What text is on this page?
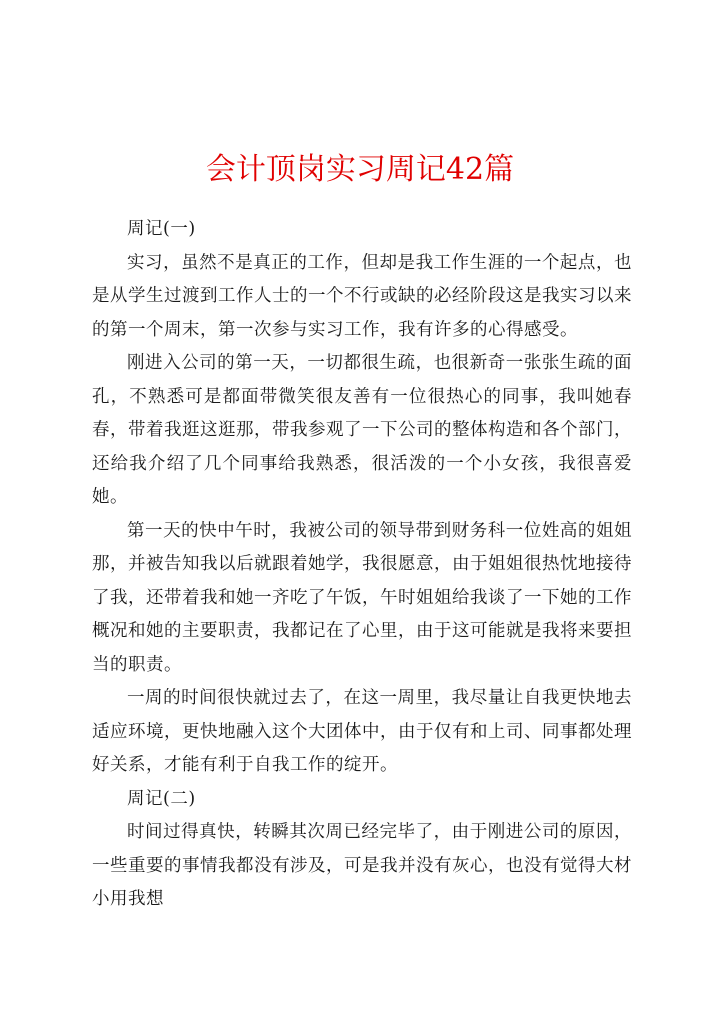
会计顶岗实习周记42篇

周记(一)

实习，虽然不是真正的工作，但却是我工作生涯的一个起点，也是从学生过渡到工作人士的一个不行或缺的必经阶段这是我实习以来的第一个周末，第一次参与实习工作，我有许多的心得感受。

刚进入公司的第一天，一切都很生疏，也很新奇一张张生疏的面孔，不熟悉可是都面带微笑很友善有一位很热心的同事，我叫她春春，带着我逛这逛那，带我参观了一下公司的整体构造和各个部门，还给我介绍了几个同事给我熟悉，很活泼的一个小女孩，我很喜爱她。

第一天的快中午时，我被公司的领导带到财务科一位姓高的姐姐那，并被告知我以后就跟着她学，我很愿意，由于姐姐很热忱地接待了我，还带着我和她一齐吃了午饭，午时姐姐给我谈了一下她的工作概况和她的主要职责，我都记在了心里，由于这可能就是我将来要担当的职责。

一周的时间很快就过去了，在这一周里，我尽量让自我更快地去适应环境，更快地融入这个大团体中，由于仅有和上司、同事都处理好关系，才能有利于自我工作的绽开。

周记(二)

时间过得真快，转瞬其次周已经完毕了，由于刚进公司的原因，一些重要的事情我都没有涉及，可是我并没有灰心，也没有觉得大材小用我想
